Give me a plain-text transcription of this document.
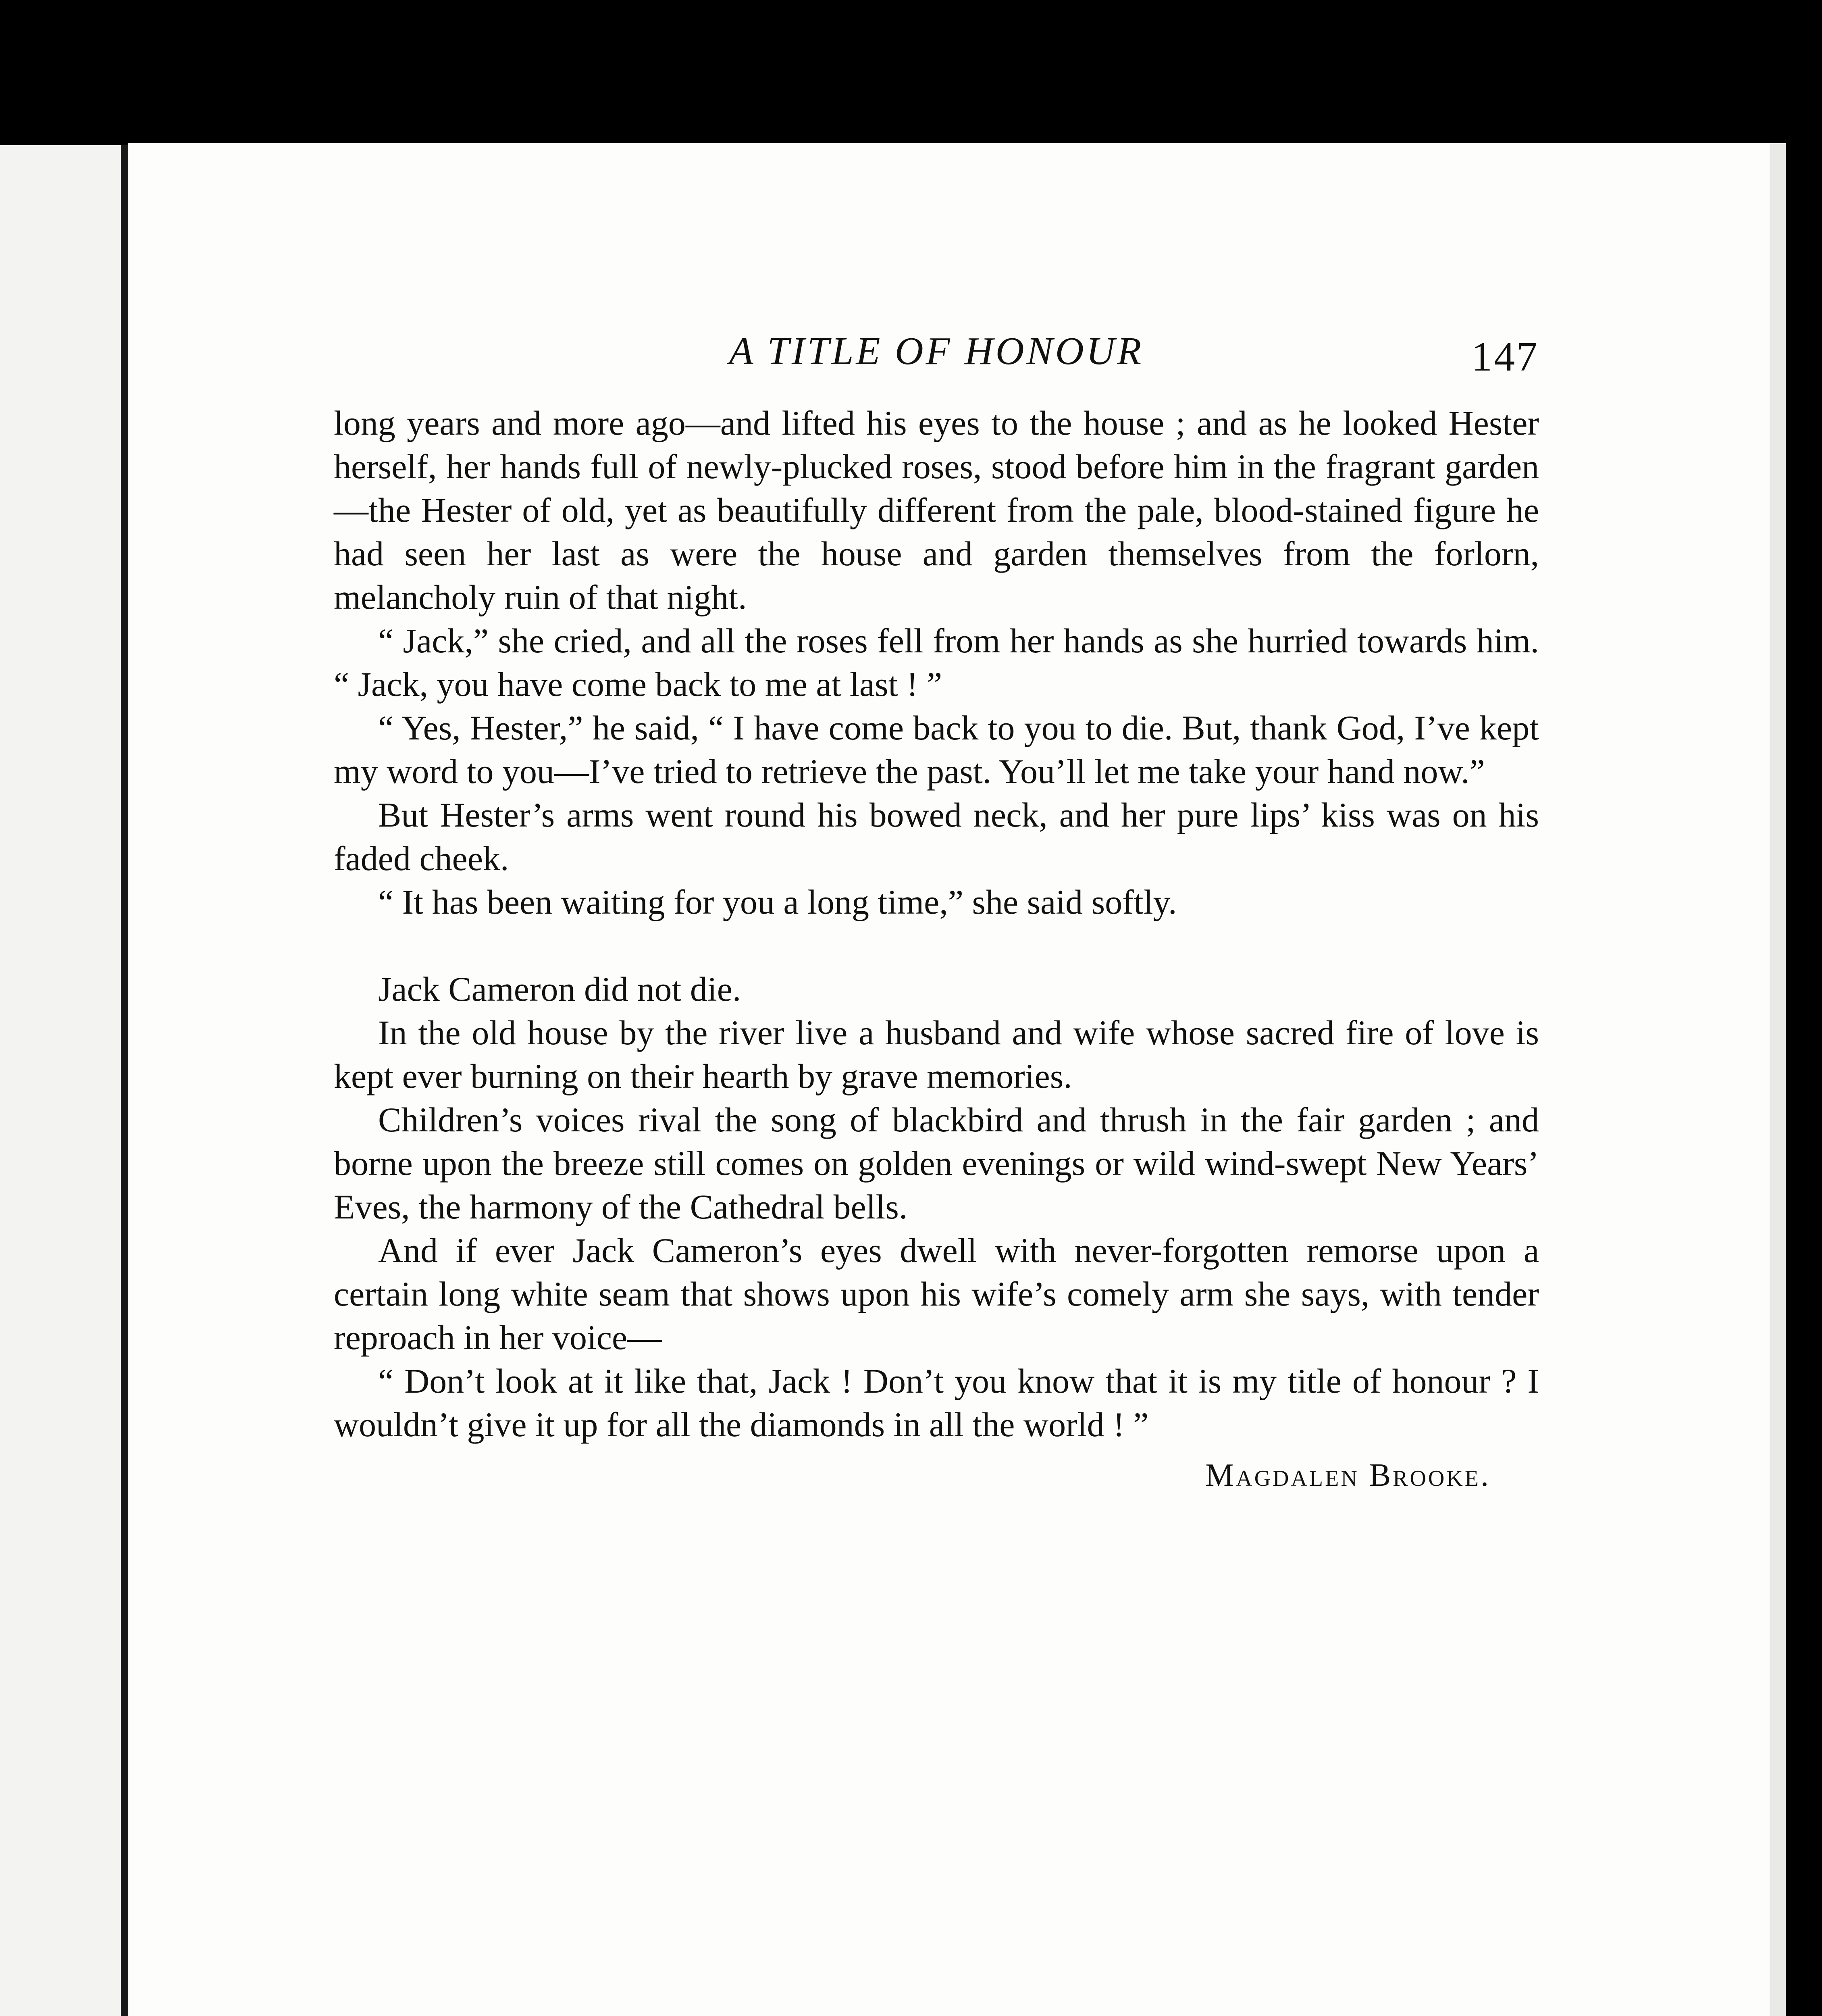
A TITLE OF HONOUR	147

long years and more ago—and lifted his eyes to the house ; and as he looked Hester herself, her hands full of newly-plucked roses, stood before him in the fragrant garden—the Hester of old, yet as beautifully different from the pale, blood-stained figure he had seen her last as were the house and garden themselves from the forlorn, melancholy ruin of that night.

“ Jack,” she cried, and all the roses fell from her hands as she hurried towards him. “ Jack, you have come back to me at last ! ”

“ Yes, Hester,” he said, “ I have come back to you to die. But, thank God, I’ve kept my word to you—I’ve tried to retrieve the past. You’ll let me take your hand now.”

But Hester’s arms went round his bowed neck, and her pure lips’ kiss was on his faded cheek.

“ It has been waiting for you a long time,” she said softly.

Jack Cameron did not die.

In the old house by the river live a husband and wife whose sacred fire of love is kept ever burning on their hearth by grave memories.

Children’s voices rival the song of blackbird and thrush in the fair garden ; and borne upon the breeze still comes on golden evenings or wild wind-swept New Years’ Eves, the harmony of the Cathedral bells.

And if ever Jack Cameron’s eyes dwell with never-forgotten remorse upon a certain long white seam that shows upon his wife’s comely arm she says, with tender reproach in her voice—

“ Don’t look at it like that, Jack ! Don’t you know that it is my title of honour ? I wouldn’t give it up for all the diamonds in all the world ! ”

Magdalen Brooke.
